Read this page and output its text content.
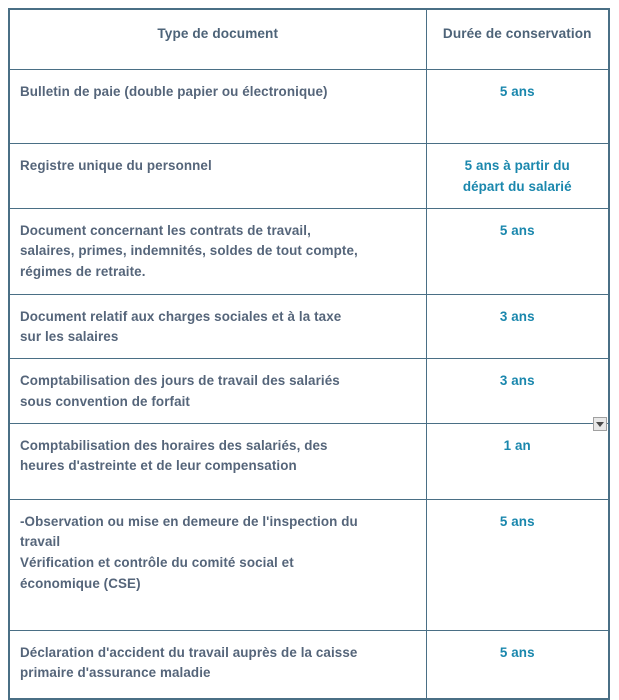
Type de document	Durée de conservation

Bulletin de paie (double papier ou électronique)	5 ans

Registre unique du personnel	5 ans à partir du
départ du salarié

Document concernant les contrats de travail,
salaires, primes, indemnités, soldes de tout compte,
régimes de retraite.	5 ans

Document relatif aux charges sociales et à la taxe
sur les salaires	3 ans

Comptabilisation des jours de travail des salariés
sous convention de forfait	3 ans

Comptabilisation des horaires des salariés, des
heures d'astreinte et de leur compensation	1 an

-Observation ou mise en demeure de l'inspection du
travail
Vérification et contrôle du comité social et
économique (CSE)	5 ans

Déclaration d'accident du travail auprès de la caisse
primaire d'assurance maladie	5 ans
